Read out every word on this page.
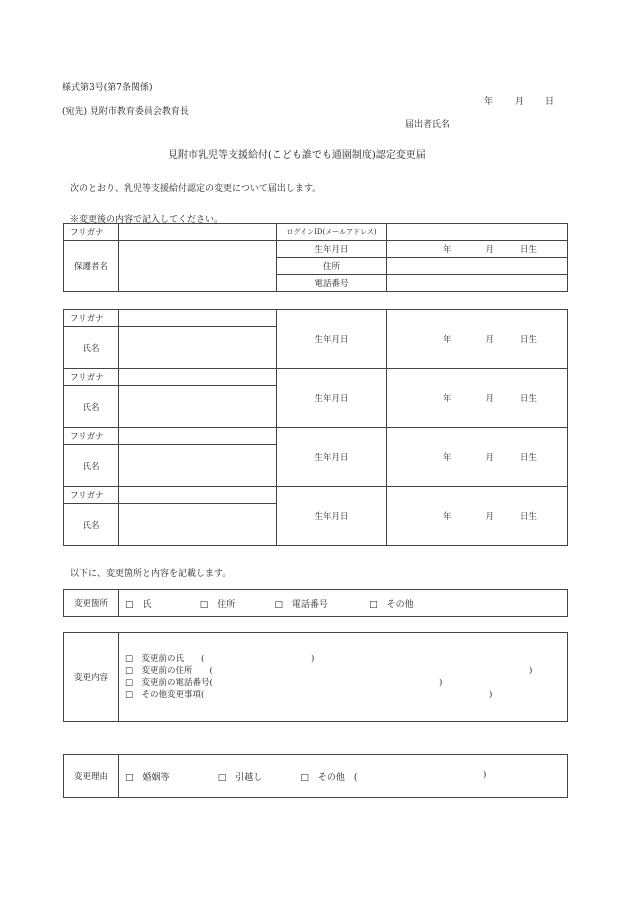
様式第3号(第7条関係)
年 月 日
(宛先) 見附市教育委員会教育長
届出者氏名
見附市乳児等支援給付(こども誰でも通園制度)認定変更届
次のとおり、乳児等支援給付認定の変更について届出します。
※変更後の内容で記入してください。
フリガナ		ログインID(メールアドレス)	
保護者名		生年月日	年 月 日生
		住所	
		電話番号	
フリガナ		生年月日	年 月 日生
氏名			
フリガナ		生年月日	年 月 日生
氏名			
フリガナ		生年月日	年 月 日生
氏名			
フリガナ		生年月日	年 月 日生
氏名			
以下に、変更箇所と内容を記載します。
変更箇所	□　氏	□　住所	□　電話番号	□　その他
変更内容	
□　変更前の氏　　(	)
□　変更前の住所　　(	)
□　変更前の電話番号(	)
□　その他変更事項(	)
変更理由	□　婚姻等	□　引越し	□　その他　(	)
